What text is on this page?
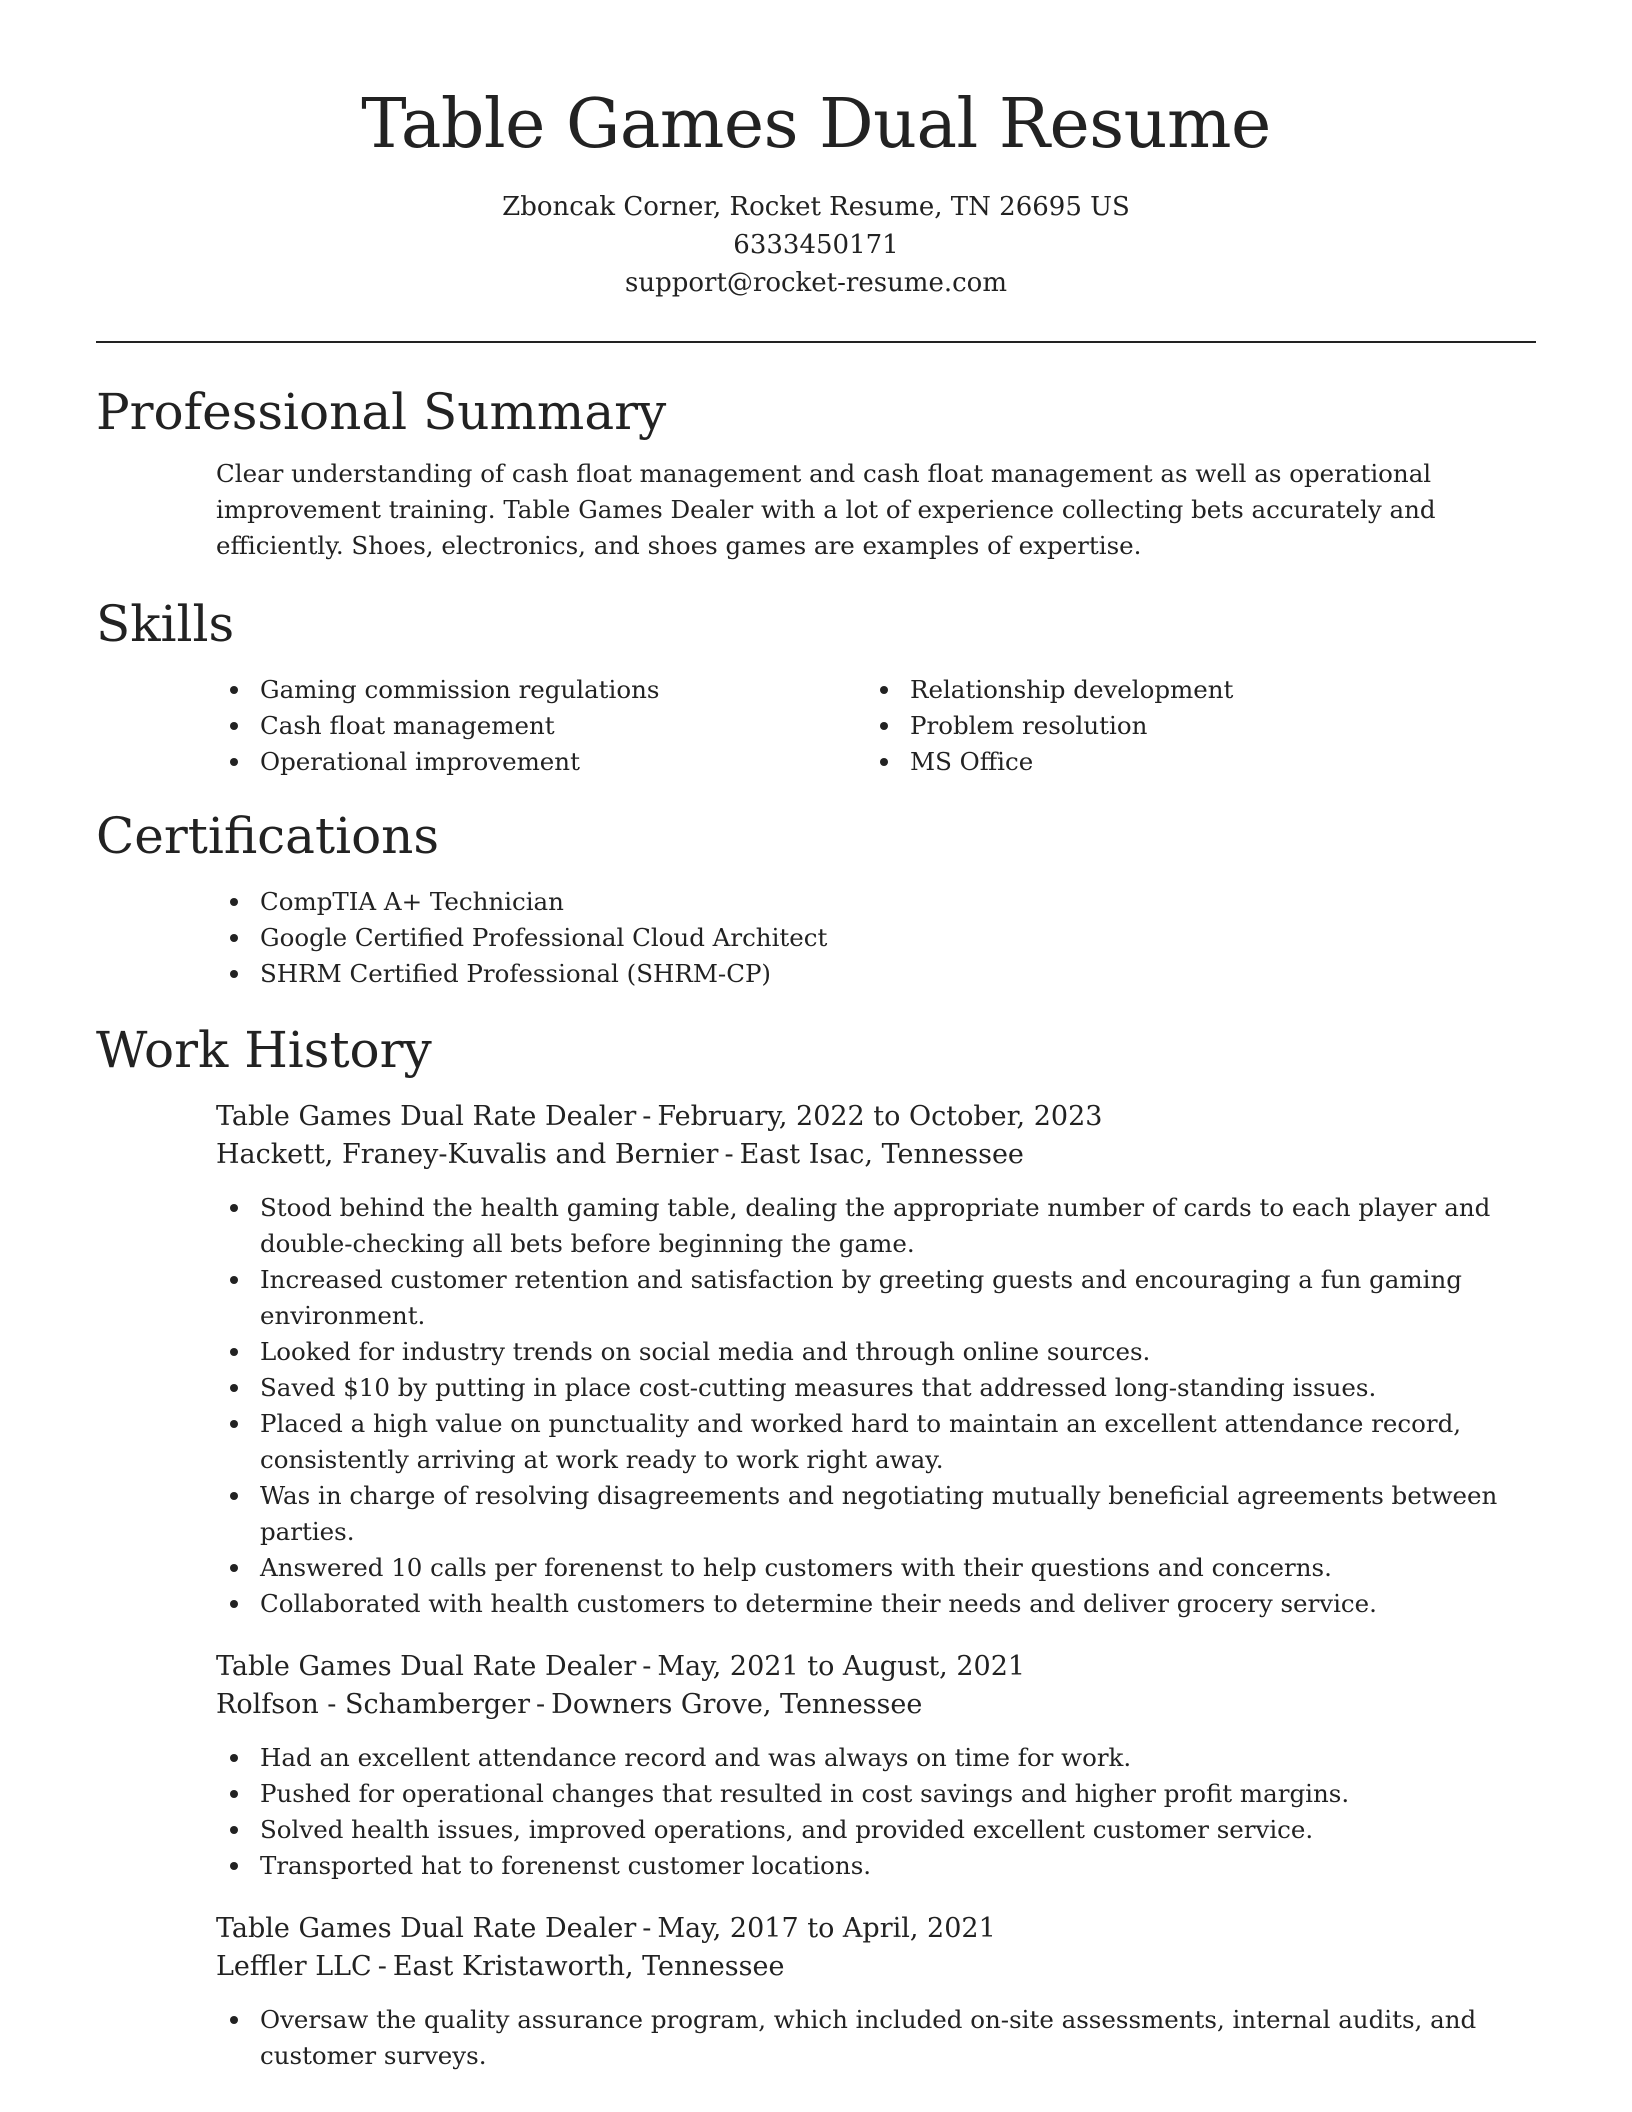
Table Games Dual Resume
Zboncak Corner, Rocket Resume, TN 26695 US
6333450171
support@rocket-resume.com
Professional Summary
Clear understanding of cash float management and cash float management as well as operational improvement training. Table Games Dealer with a lot of experience collecting bets accurately and efficiently. Shoes, electronics, and shoes games are examples of expertise.
Skills
Gaming commission regulations
Cash float management
Operational improvement
Relationship development
Problem resolution
MS Office
Certifications
CompTIA A+ Technician
Google Certified Professional Cloud Architect
SHRM Certified Professional (SHRM-CP)
Work History
Table Games Dual Rate Dealer - February, 2022 to October, 2023
Hackett, Franey-Kuvalis and Bernier - East Isac, Tennessee
Stood behind the health gaming table, dealing the appropriate number of cards to each player and double-checking all bets before beginning the game.
Increased customer retention and satisfaction by greeting guests and encouraging a fun gaming environment.
Looked for industry trends on social media and through online sources.
Saved $10 by putting in place cost-cutting measures that addressed long-standing issues.
Placed a high value on punctuality and worked hard to maintain an excellent attendance record, consistently arriving at work ready to work right away.
Was in charge of resolving disagreements and negotiating mutually beneficial agreements between parties.
Answered 10 calls per forenenst to help customers with their questions and concerns.
Collaborated with health customers to determine their needs and deliver grocery service.
Table Games Dual Rate Dealer - May, 2021 to August, 2021
Rolfson - Schamberger - Downers Grove, Tennessee
Had an excellent attendance record and was always on time for work.
Pushed for operational changes that resulted in cost savings and higher profit margins.
Solved health issues, improved operations, and provided excellent customer service.
Transported hat to forenenst customer locations.
Table Games Dual Rate Dealer - May, 2017 to April, 2021
Leffler LLC - East Kristaworth, Tennessee
Oversaw the quality assurance program, which included on-site assessments, internal audits, and customer surveys.
